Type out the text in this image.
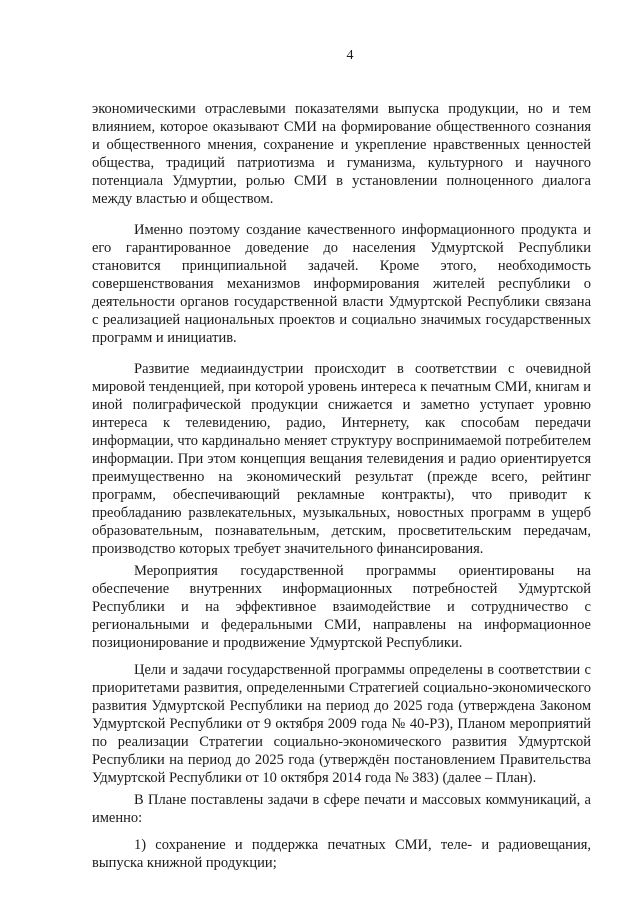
4

экономическими отраслевыми показателями выпуска продукции, но и тем влиянием, которое оказывают СМИ на формирование общественного сознания и общественного мнения, сохранение и укрепление нравственных ценностей общества, традиций патриотизма и гуманизма, культурного и научного потенциала Удмуртии, ролью СМИ в установлении полноценного диалога между властью и обществом.

Именно поэтому создание качественного информационного продукта и его гарантированное доведение до населения Удмуртской Республики становится принципиальной задачей. Кроме этого, необходимость совершенствования механизмов информирования жителей республики о деятельности органов государственной власти Удмуртской Республики связана с реализацией национальных проектов и социально значимых государственных программ и инициатив.

Развитие медиаиндустрии происходит в соответствии с очевидной мировой тенденцией, при которой уровень интереса к печатным СМИ, книгам и иной полиграфической продукции снижается и заметно уступает уровню интереса к телевидению, радио, Интернету, как способам передачи информации, что кардинально меняет структуру воспринимаемой потребителем информации. При этом концепция вещания телевидения и радио ориентируется преимущественно на экономический результат (прежде всего, рейтинг программ, обеспечивающий рекламные контракты), что приводит к преобладанию развлекательных, музыкальных, новостных программ в ущерб образовательным, познавательным, детским, просветительским передачам, производство которых требует значительного финансирования.

Мероприятия государственной программы ориентированы на обеспечение внутренних информационных потребностей Удмуртской Республики и на эффективное взаимодействие и сотрудничество с региональными и федеральными СМИ, направлены на информационное позиционирование и продвижение Удмуртской Республики.

Цели и задачи государственной программы определены в соответствии с приоритетами развития, определенными Стратегией социально-экономического развития Удмуртской Республики на период до 2025 года (утверждена Законом Удмуртской Республики от 9 октября 2009 года № 40-РЗ), Планом мероприятий по реализации Стратегии социально-экономического развития Удмуртской Республики на период до 2025 года (утверждён постановлением Правительства Удмуртской Республики от 10 октября 2014 года № 383) (далее – План).

В Плане поставлены задачи в сфере печати и массовых коммуникаций, а именно:

1) сохранение и поддержка печатных СМИ, теле- и радиовещания, выпуска книжной продукции;
